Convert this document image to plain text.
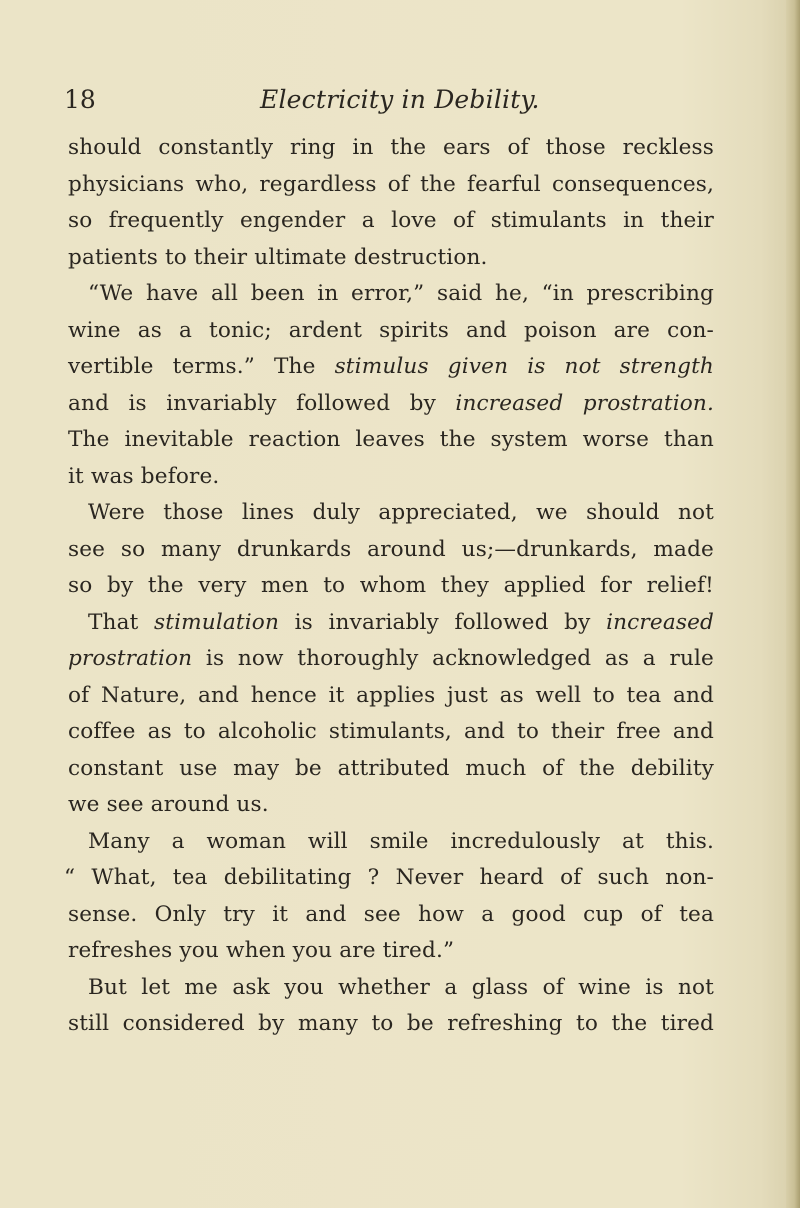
18	Electricity in Debility.
should constantly ring in the ears of those reckless
physicians who, regardless of the fearful consequences,
so frequently engender a love of stimulants in their
patients to their ultimate destruction.
“We have all been in error,” said he, “in prescribing
wine as a tonic; ardent spirits and poison are con-
vertible terms.” The stimulus given is not strength
and is invariably followed by increased prostration.
The inevitable reaction leaves the system worse than
it was before.
Were those lines duly appreciated, we should not
see so many drunkards around us;—drunkards, made
so by the very men to whom they applied for relief!
That stimulation is invariably followed by increased
prostration is now thoroughly acknowledged as a rule
of Nature, and hence it applies just as well to tea and
coffee as to alcoholic stimulants, and to their free and
constant use may be attributed much of the debility
we see around us.
Many a woman will smile incredulously at this.
“ What, tea debilitating ? Never heard of such non-
sense. Only try it and see how a good cup of tea
refreshes you when you are tired.”
But let me ask you whether a glass of wine is not
still considered by many to be refreshing to the tired
